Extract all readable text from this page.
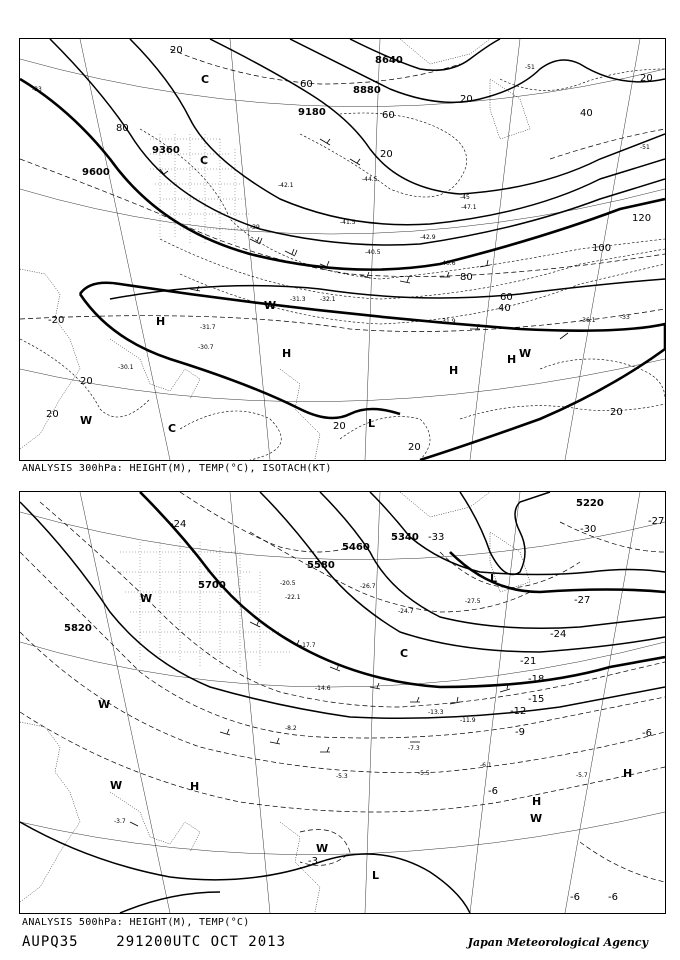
9600
9360
9180
8880
8640
20
20
20
20
20
20
20
20
20
40
40
60
60
60
80
80
100
120
-20
-33
-33
-39
-45
-51
-51
-42.1
-41.5
-40.5
-44.5
-47.1
-42.9
-31.9
-32.1
-31.3
-30.7
-36.1
-40.6
-30.1
-31.7
H
H
H
H
C
C
C	L
W
W
W
ANALYSIS 300hPa: HEIGHT(M), TEMP(°C), ISOTACH(KT)
5820
5700
5580
5460
5340
5220
-3
-6
-6
-6	-6
-9
-12
-15
-18
-21
-24
-24
-27
-27
-30
-33
-20.5
-17.7
-14.6
-11.9
-7.3
-5.5
-6.1
-5.7
-3.7
-22.1
-24.7
-27.5
-26.7
-13.3
-8.2
-5.3
H
H
H
L
L
C
W
W
W
W
W
ANALYSIS 500hPa: HEIGHT(M), TEMP(°C)
AUPQ35	291200UTC OCT 2013	Japan Meteorological Agency
